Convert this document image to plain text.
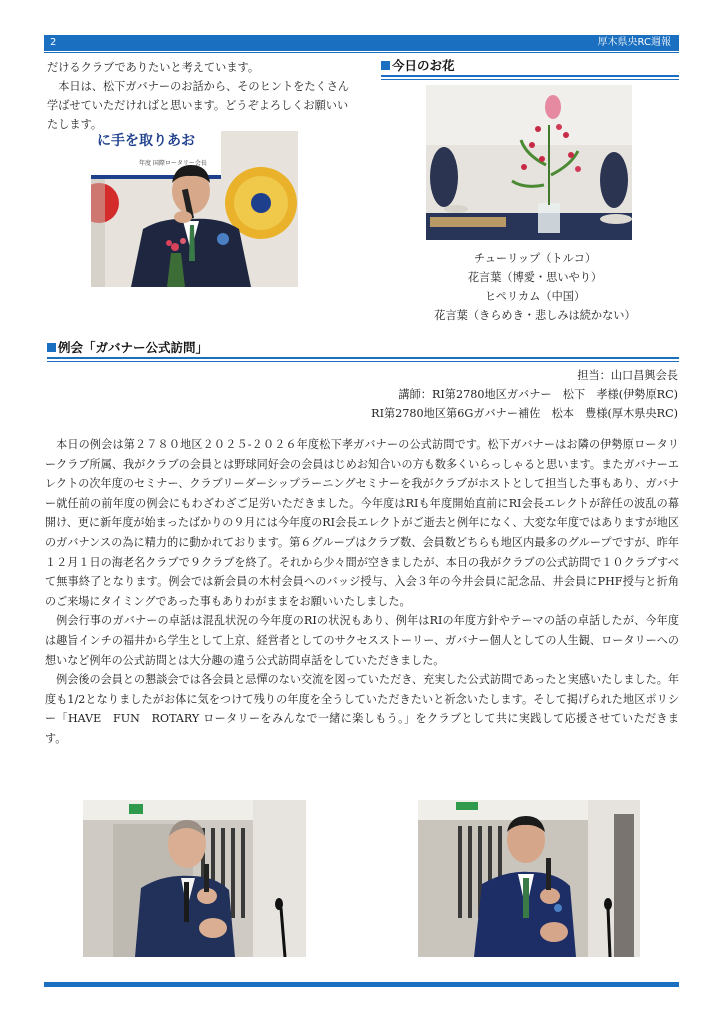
2	厚木県央RC週報

だけるクラブでありたいと考えています。

本日は、松下ガバナーのお話から、そのヒントをたくさん学ばせていただければと思います。どうぞよろしくお願いいたします。

に手を取りあお
年度 国際ロータリー会長
今日のお花
チューリップ（トルコ）
花言葉（博愛・思いやり）
ヒペリカム（中国）
花言葉（きらめき・悲しみは続かない）
例会「ガバナー公式訪問」
担当：山口昌興会長
講師：RI第2780地区ガバナー　松下　孝様(伊勢原RC)
RI第2780地区第6Gガバナー補佐　松本　豊様(厚木県央RC)

本日の例会は第２７８０地区２０２５‐２０２６年度松下孝ガバナーの公式訪問です。松下ガバナーはお隣の伊勢原ロータリークラブ所属、我がクラブの会員とは野球同好会の会員はじめお知合いの方も数多くいらっしゃると思います。またガバナーエレクトの次年度のセミナー、クラブリーダーシップラーニングセミナーを我がクラブがホストとして担当した事もあり、ガバナー就任前の前年度の例会にもわざわざご足労いただきました。今年度はRIも年度開始直前にRI会長エレクトが辞任の波乱の幕開け、更に新年度が始まったばかりの９月には今年度のRI会長エレクトがご逝去と例年になく、大変な年度ではありますが地区のガバナンスの為に精力的に動かれております。第６グループはクラブ数、会員数どちらも地区内最多のグループですが、昨年１２月１日の海老名クラブで９クラブを終了。それから少々間が空きましたが、本日の我がクラブの公式訪問で１０クラブすべて無事終了となります。例会では新会員の木村会員へのバッジ授与、入会３年の今井会員に記念品、井会員にPHF授与と折角のご来場にタイミングであった事もありわがままをお願いいたしました。

例会行事のガバナーの卓話は混乱状況の今年度のRIの状況もあり、例年はRIの年度方針やテーマの話の卓話したが、今年度は趣旨インチの福井から学生として上京、経営者としてのサクセスストーリー、ガバナー個人としての人生観、ロータリーへの想いなど例年の公式訪問とは大分趣の違う公式訪問卓話をしていただきました。

例会後の会員との懇談会では各会員と忌憚のない交流を図っていただき、充実した公式訪問であったと実感いたしました。年度も1/2となりましたがお体に気をつけて残りの年度を全うしていただきたいと祈念いたします。そして掲げられた地区ポリシー「HAVE　FUN　ROTARY ロータリーをみんなで一緒に楽しもう。」をクラブとして共に実践して応援させていただきます。
